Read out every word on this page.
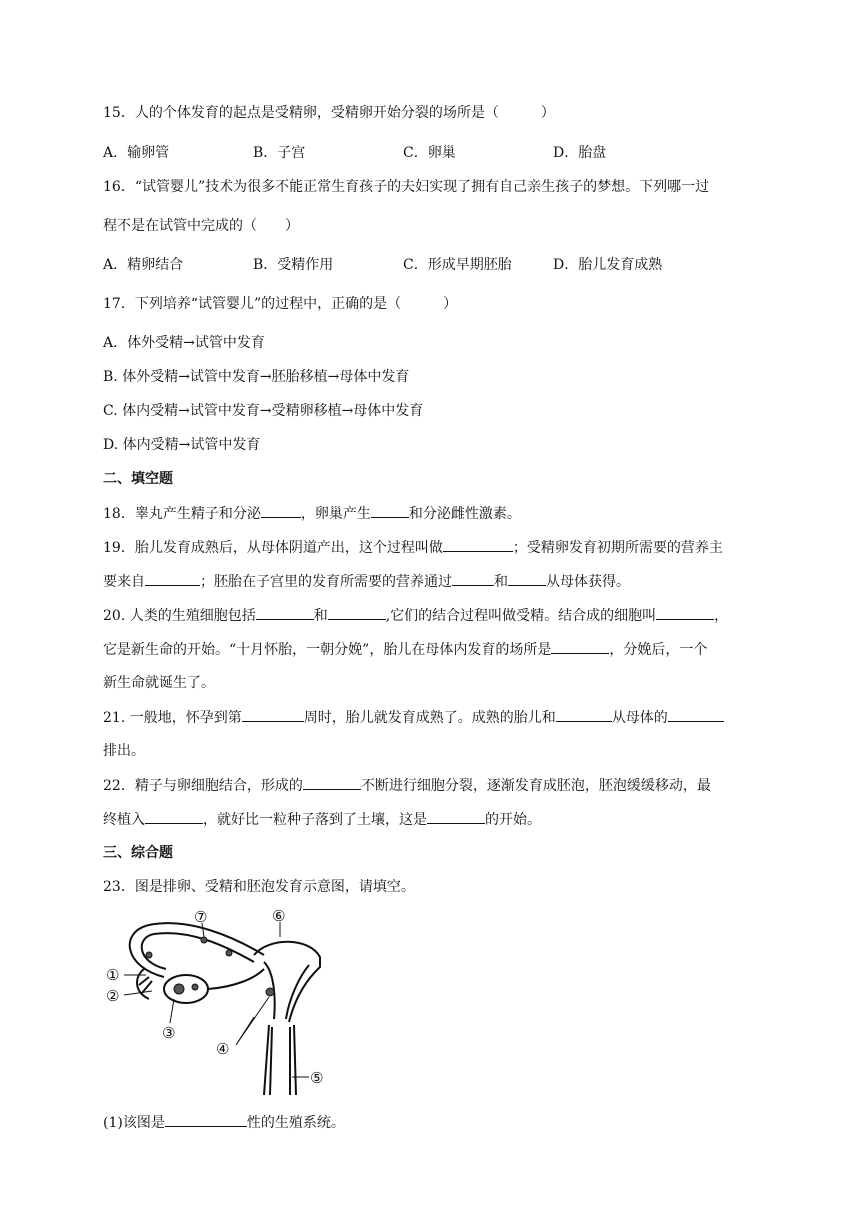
15．人的个体发育的起点是受精卵，受精卵开始分裂的场所是（　　　）
A．输卵管	B．子宫	C．卵巢	D．胎盘
16．“试管婴儿”技术为很多不能正常生育孩子的夫妇实现了拥有自己亲生孩子的梦想。下列哪一过
程不是在试管中完成的（　　）
A．精卵结合	B．受精作用	C．形成早期胚胎	D．胎儿发育成熟
17．下列培养“试管婴儿”的过程中，正确的是（　　　）
A．体外受精→试管中发育
B. 体外受精→试管中发育→胚胎移植→母体中发育
C. 体内受精→试管中发育→受精卵移植→母体中发育
D. 体内受精→试管中发育
二、填空题
18．睾丸产生精子和分泌	，卵巢产生	和分泌雌性激素。
19．胎儿发育成熟后，从母体阴道产出，这个过程叫做	；受精卵发育初期所需要的营养主
要来自	；胚胎在子宫里的发育所需要的营养通过	和	从母体获得。
20. 人类的生殖细胞包括	和	,它们的结合过程叫做受精。结合成的细胞叫	，
它是新生命的开始。“十月怀胎，一朝分娩”，胎儿在母体内发育的场所是	，分娩后，一个
新生命就诞生了。
21. 一般地，怀孕到第	周时，胎儿就发育成熟了。成熟的胎儿和	从母体的
排出。
22．精子与卵细胞结合，形成的	不断进行细胞分裂，逐渐发育成胚泡，胚泡缓缓移动，最
终植入	，就好比一粒种子落到了土壤，这是	的开始。
三、综合题
23．图是排卵、受精和胚泡发育示意图，请填空。
①
②
③
④
⑤
⑥
⑦
(1)该图是	性的生殖系统。
